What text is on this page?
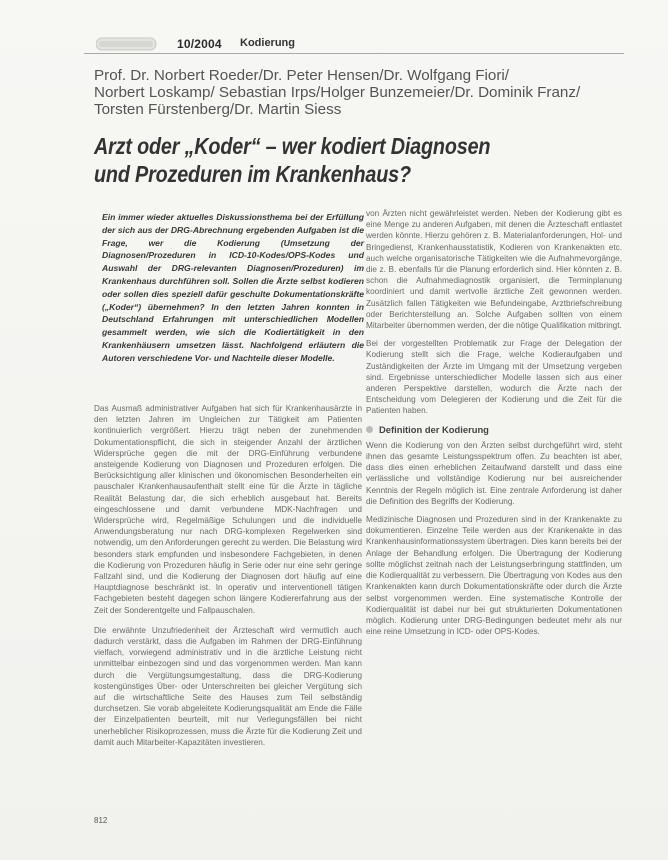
10/2004 Kodierung
Prof. Dr. Norbert Roeder/Dr. Peter Hensen/Dr. Wolfgang Fiori/
Norbert Loskamp/ Sebastian Irps/Holger Bunzemeier/Dr. Dominik Franz/
Torsten Fürstenberg/Dr. Martin Siess
Arzt oder „Koder“ – wer kodiert Diagnosen
und Prozeduren im Krankenhaus?
Ein immer wieder aktuelles Diskussionsthema bei der Erfüllung der sich aus der DRG-Abrechnung ergebenden Aufgaben ist die Frage, wer die Kodierung (Umsetzung der Diagnosen/Prozeduren in ICD-10-Kodes/OPS-Kodes und Auswahl der DRG-relevanten Diagnosen/Prozeduren) im Krankenhaus durchführen soll. Sollen die Ärzte selbst kodieren oder sollen dies speziell dafür geschulte Dokumentationskräfte („Koder“) übernehmen? In den letzten Jahren konnten in Deutschland Erfahrungen mit unterschiedlichen Modellen gesammelt werden, wie sich die Kodiertätigkeit in den Krankenhäusern umsetzen lässt. Nachfolgend erläutern die Autoren verschiedene Vor- und Nachteile dieser Modelle.

Das Ausmaß administrativer Aufgaben hat sich für Krankenhausärzte in den letzten Jahren im Ungleichen zur Tätigkeit am Patienten kontinuierlich vergrößert. Hierzu trägt neben der zunehmenden Dokumentationspflicht, die sich in steigender Anzahl der ärztlichen Widersprüche gegen die mit der DRG-Einführung verbundene ansteigende Kodierung von Diagnosen und Prozeduren erfolgen. Die Berücksichtigung aller klinischen und ökonomischen Besonderheiten ein pauschaler Krankenhausaufenthalt stellt eine für die Ärzte in tägliche Realität Belastung dar, die sich erheblich ausgebaut hat. Bereits eingeschlossene und damit verbundene MDK-Nachfragen und Widersprüche wird, Regelmäßige Schulungen und die individuelle Anwendungsberatung nur nach DRG-komplexen Regelwerken sind notwendig, um den Anforderungen gerecht zu werden. Die Belastung wird besonders stark empfunden und insbesondere Fachgebieten, in denen die Kodierung von Prozeduren häufig in Serie oder nur eine sehr geringe Fallzahl sind, und die Kodierung der Diagnosen dort häufig auf eine Hauptdiagnose beschränkt ist. In operativ und interventionell tätigen Fachgebieten besteht dagegen schon längere Kodiererfahrung aus der Zeit der Sonderentgelte und Fallpauschalen.

Die erwähnte Unzufriedenheit der Ärzteschaft wird vermutlich auch dadurch verstärkt, dass die Aufgaben im Rahmen der DRG-Einführung vielfach, vorwiegend administrativ und in die ärztliche Leistung nicht unmittelbar einbezogen sind und das vorgenommen werden. Man kann durch die Vergütungsumgestaltung, dass die DRG-Kodierung kostengünstiges Über- oder Unterschreiten bei gleicher Vergütung sich auf die wirtschaftliche Seite des Hauses zum Teil selbständig durchsetzen. Sie vorab abgeleitete Kodierungsqualität am Ende die Fälle der Einzelpatienten beurteilt, mit nur Verlegungsfällen bei nicht unerheblicher Risikoprozessen, muss die Ärzte für die Kodierung Zeit und damit auch Mitarbeiter-Kapazitäten investieren.

von Ärzten nicht gewährleistet werden. Neben der Kodierung gibt es eine Menge zu anderen Aufgaben, mit denen die Ärzteschaft entlastet werden könnte. Hierzu gehören z. B. Materialanforderungen, Hol- und Bringedienst, Krankenhausstatistik, Kodieren von Krankenakten etc. auch welche organisatorische Tätigkeiten wie die Aufnahmevorgänge, die z. B. ebenfalls für die Planung erforderlich sind. Hier könnten z. B. schon die Aufnahmediagnostik organisiert, die Terminplanung koordiniert und damit wertvolle ärztliche Zeit gewonnen werden. Zusätzlich fallen Tätigkeiten wie Befundeingabe, Arztbriefschreibung oder Berichterstellung an. Solche Aufgaben sollten von einem Mitarbeiter übernommen werden, der die nötige Qualifikation mitbringt.

Bei der vorgestellten Problematik zur Frage der Delegation der Kodierung stellt sich die Frage, welche Kodieraufgaben und Zuständigkeiten der Ärzte im Umgang mit der Umsetzung vergeben sind. Ergebnisse unterschiedlicher Modelle lassen sich aus einer anderen Perspektive darstellen, wodurch die Ärzte nach der Entscheidung vom Delegieren der Kodierung und die Zeit für die Patienten haben.

Definition der Kodierung

Wenn die Kodierung von den Ärzten selbst durchgeführt wird, steht ihnen das gesamte Leistungsspektrum offen. Zu beachten ist aber, dass dies einen erheblichen Zeitaufwand darstellt und dass eine verlässliche und vollständige Kodierung nur bei ausreichender Kenntnis der Regeln möglich ist. Eine zentrale Anforderung ist daher die Definition des Begriffs der Kodierung.

Medizinische Diagnosen und Prozeduren sind in der Krankenakte zu dokumentieren. Einzelne Teile werden aus der Krankenakte in das Krankenhausinformationssystem übertragen. Dies kann bereits bei der Anlage der Behandlung erfolgen. Die Übertragung der Kodierung sollte möglichst zeitnah nach der Leistungserbringung stattfinden, um die Kodierqualität zu verbessern. Die Übertragung von Kodes aus den Krankenakten kann durch Dokumentationskräfte oder durch die Ärzte selbst vorgenommen werden. Eine systematische Kontrolle der Kodierqualität ist dabei nur bei gut strukturierten Dokumentationen möglich. Kodierung unter DRG-Bedingungen bedeutet mehr als nur eine reine Umsetzung in ICD- oder OPS-Kodes.

812
